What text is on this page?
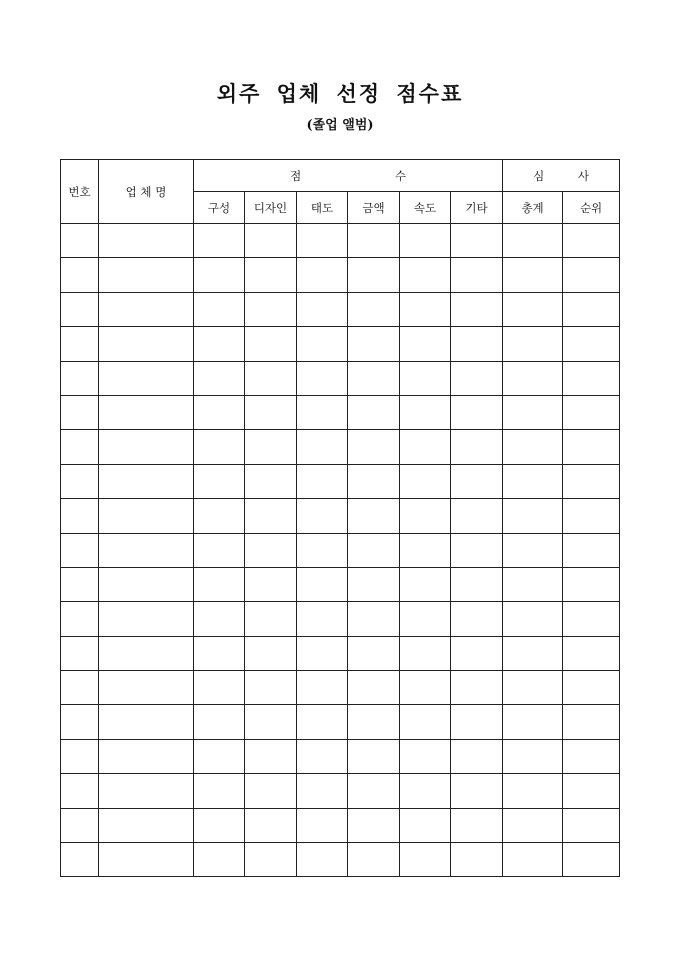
외주 업체 선정 점수표
(졸업 앨범)
번호	업 체 명	점 수						심 사	
		구성	디자인	태도	금액	속도	기타	총계	순위
